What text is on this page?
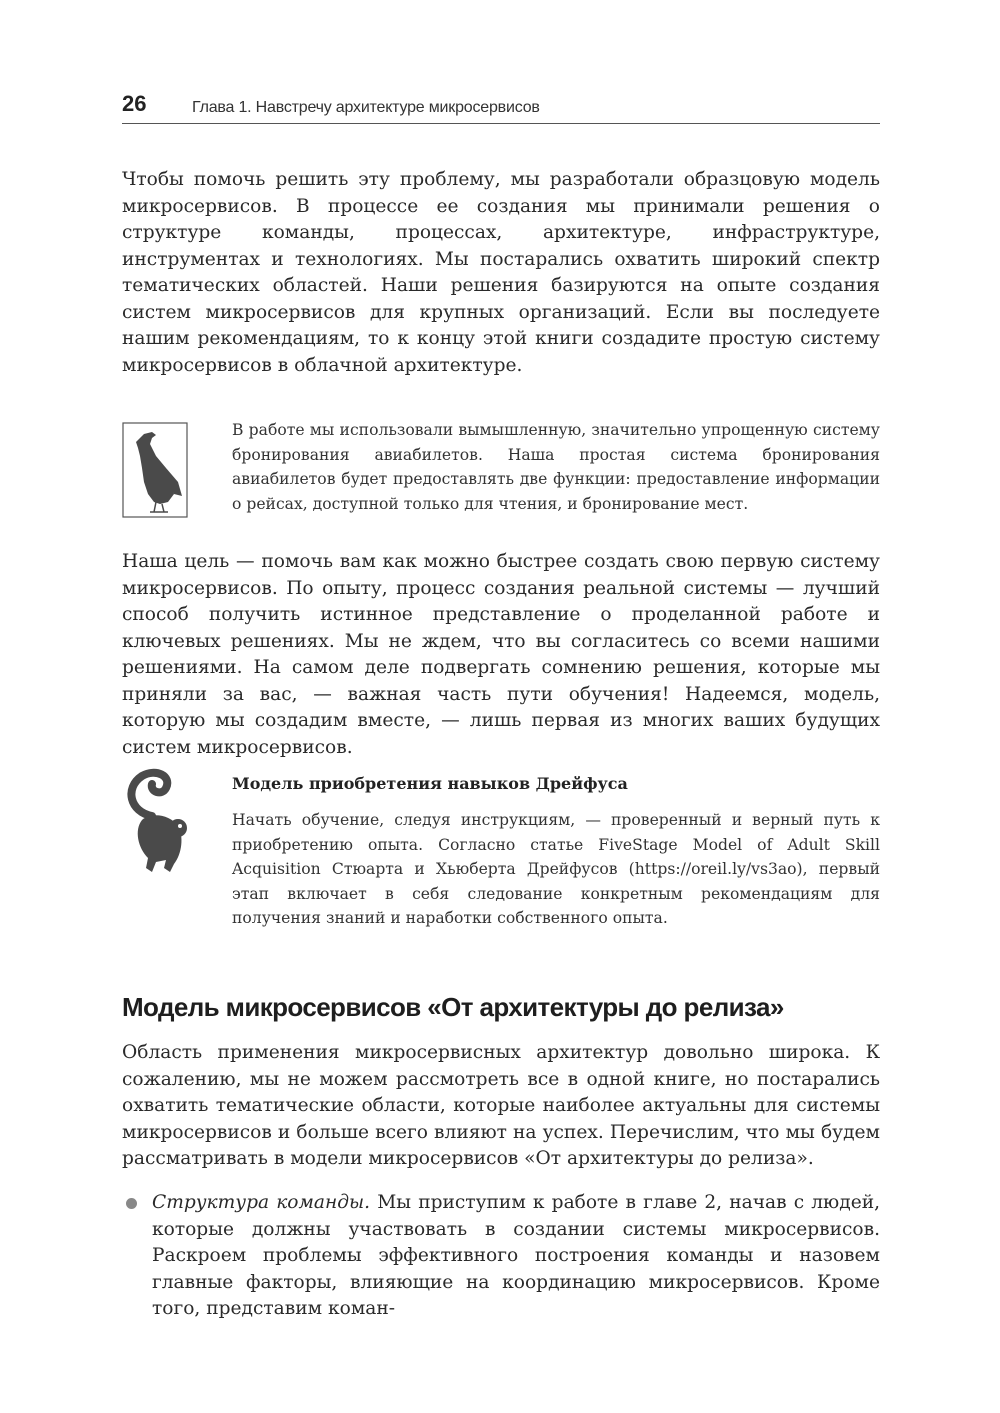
26	Глава 1. Навстречу архитектуре микросервисов

Чтобы помочь решить эту проблему, мы разработали образцовую модель микросервисов. В процессе ее создания мы принимали решения о структуре команды, процессах, архитектуре, инфраструктуре, инструментах и технологиях. Мы постарались охватить широкий спектр тематических областей. Наши решения базируются на опыте создания систем микросервисов для крупных организаций. Если вы последуете нашим рекомендациям, то к концу этой книги создадите простую систему микросервисов в облачной архитектуре.

В работе мы использовали вымышленную, значительно упрощенную систему бронирования авиабилетов. Наша простая система бронирования авиабилетов будет предоставлять две функции: предоставление информации о рейсах, доступной только для чтения, и бронирование мест.

Наша цель — помочь вам как можно быстрее создать свою первую систему микросервисов. По опыту, процесс создания реальной системы — лучший способ получить истинное представление о проделанной работе и ключевых решениях. Мы не ждем, что вы согласитесь со всеми нашими решениями. На самом деле подвергать сомнению решения, которые мы приняли за вас, — важная часть пути обучения! Надеемся, модель, которую мы создадим вместе, — лишь первая из многих ваших будущих систем микросервисов.

Модель приобретения навыков Дрейфуса

Начать обучение, следуя инструкциям, — проверенный и верный путь к приобретению опыта. Согласно статье FiveStage Model of Adult Skill Acquisition Стюарта и Хьюберта Дрейфусов (https://oreil.ly/vs3ao), первый этап включает в себя следование конкретным рекомендациям для получения знаний и наработки собственного опыта.

Модель микросервисов «От архитектуры до релиза»

Область применения микросервисных архитектур довольно широка. К сожалению, мы не можем рассмотреть все в одной книге, но постарались охватить тематические области, которые наиболее актуальны для системы микросервисов и больше всего влияют на успех. Перечислим, что мы будем рассматривать в модели микросервисов «От архитектуры до релиза».

Структура команды. Мы приступим к работе в главе 2, начав с людей, которые должны участвовать в создании системы микросервисов. Раскроем проблемы эффективного построения команды и назовем главные факторы, влияющие на координацию микросервисов. Кроме того, представим коман-
